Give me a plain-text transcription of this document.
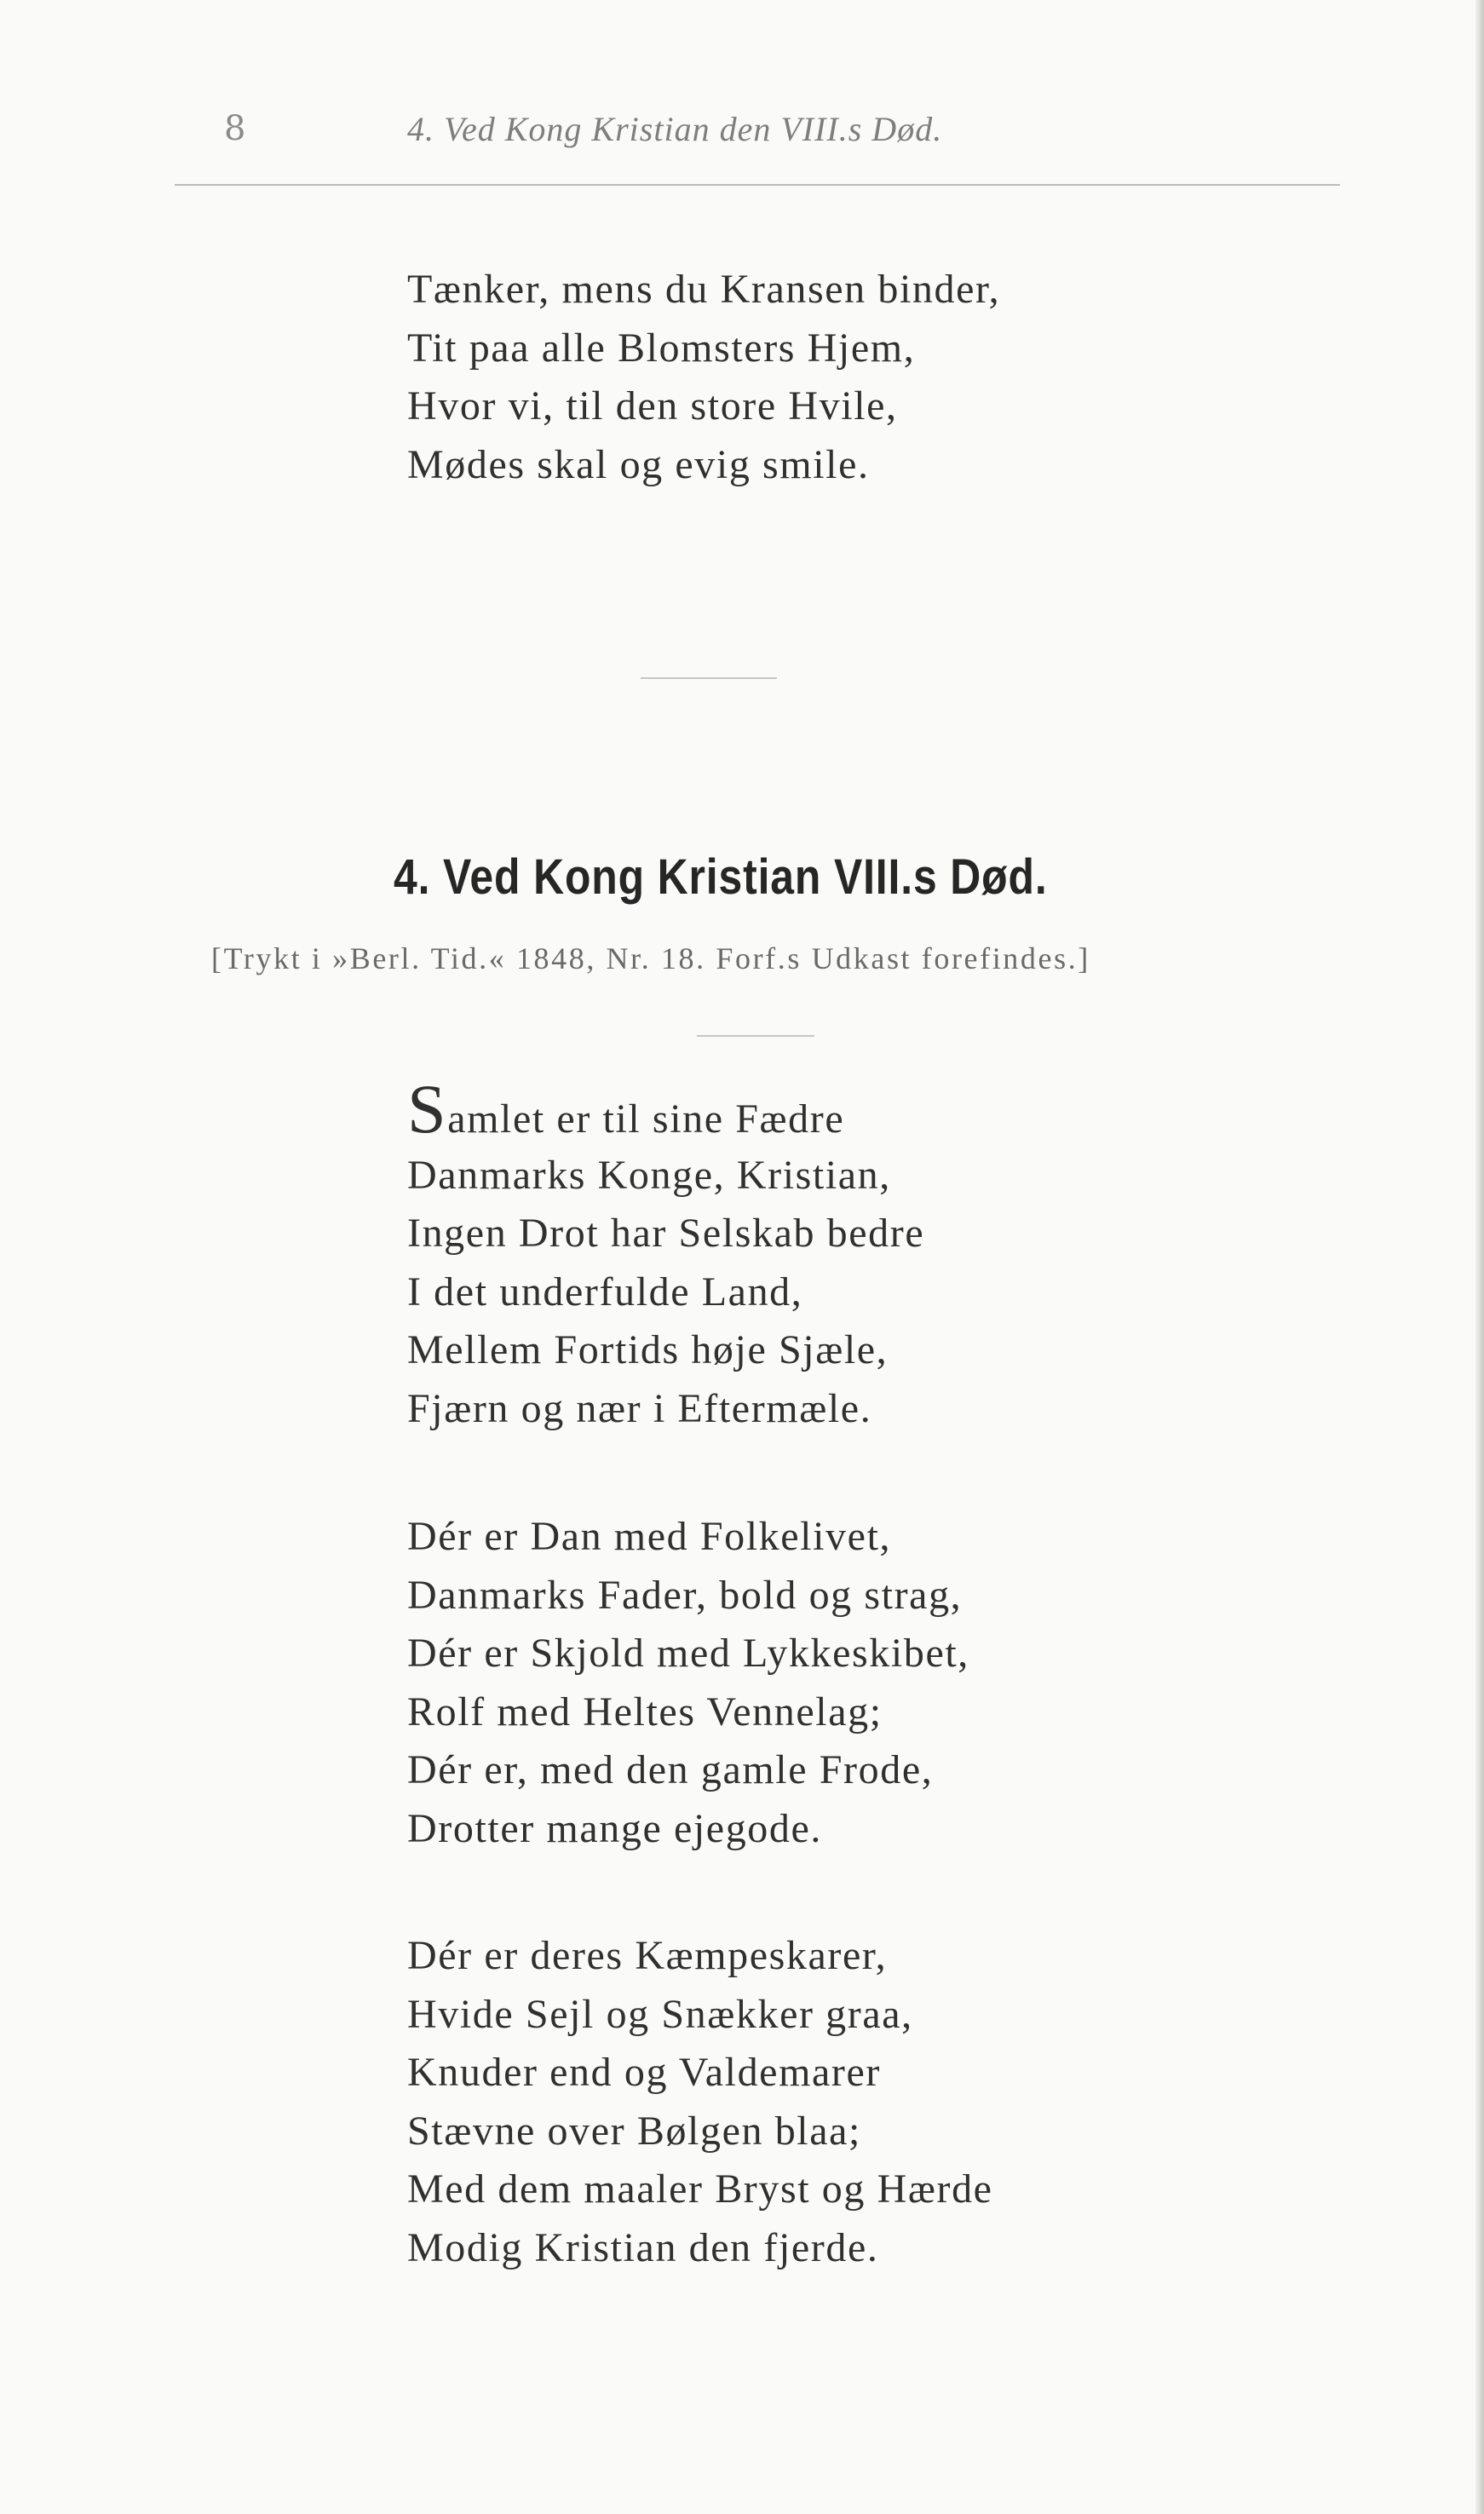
8	4. Ved Kong Kristian den VIII.s Død.
Tænker, mens du Kransen binder,
Tit paa alle Blomsters Hjem,
Hvor vi, til den store Hvile,
Mødes skal og evig smile.
4. Ved Kong Kristian VIII.s Død.
[Trykt i »Berl. Tid.« 1848, Nr. 18. Forf.s Udkast forefindes.]
Samlet er til sine Fædre
Danmarks Konge, Kristian,
Ingen Drot har Selskab bedre
I det underfulde Land,
Mellem Fortids høje Sjæle,
Fjærn og nær i Eftermæle.
Dér er Dan med Folkelivet,
Danmarks Fader, bold og strag,
Dér er Skjold med Lykkeskibet,
Rolf med Heltes Vennelag;
Dér er, med den gamle Frode,
Drotter mange ejegode.
Dér er deres Kæmpeskarer,
Hvide Sejl og Snækker graa,
Knuder end og Valdemarer
Stævne over Bølgen blaa;
Med dem maaler Bryst og Hærde
Modig Kristian den fjerde.
